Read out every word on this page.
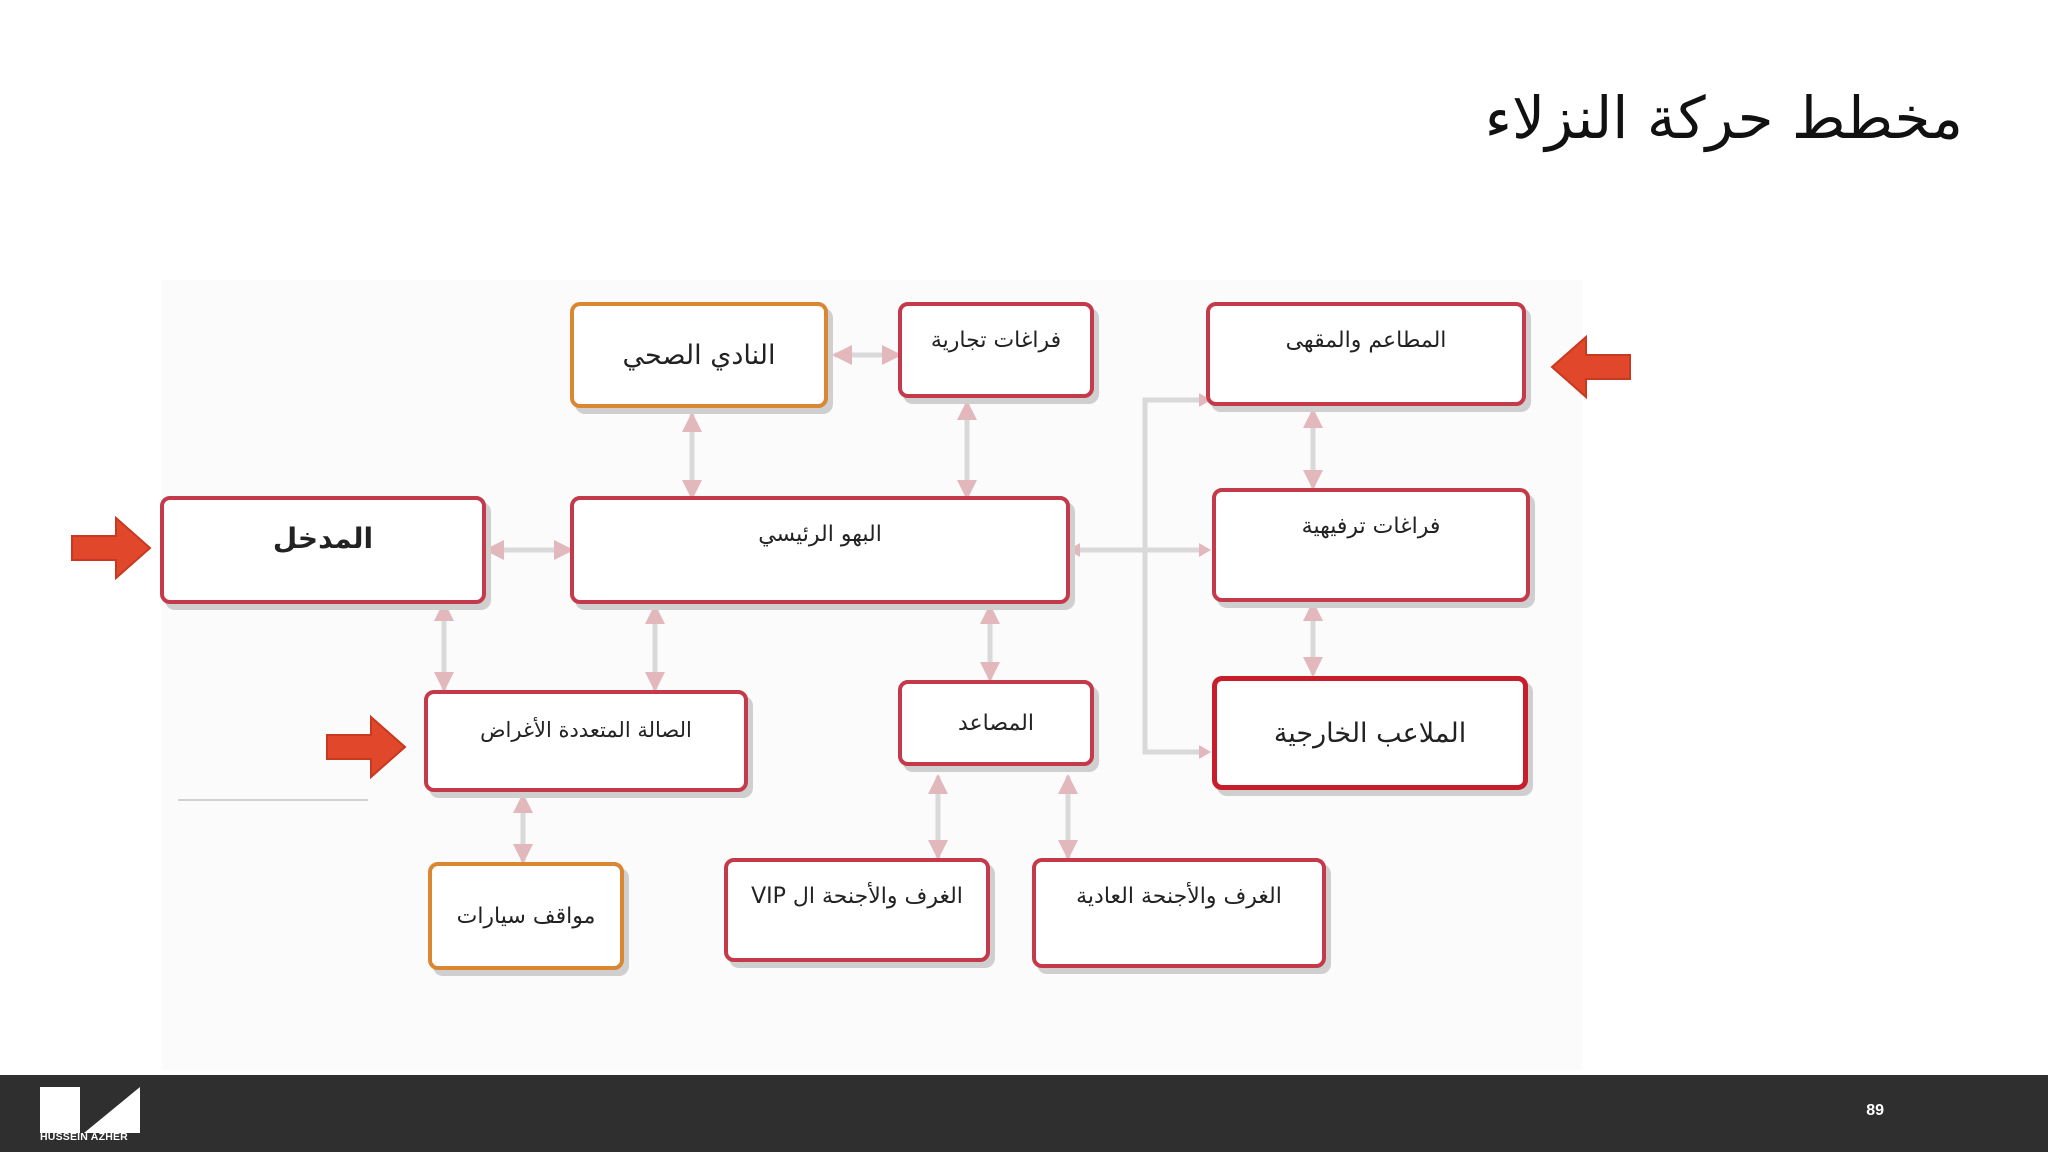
مخطط حركة النزلاء
النادي الصحي	فراغات تجارية	المطاعم والمقهى
المدخل	البهو الرئيسي	فراغات ترفيهية
الصالة المتعددة الأغراض	المصاعد	الملاعب الخارجية
مواقف سيارات
الغرف والأجنحة ال VIP	الغرف والأجنحة العادية
HUSSEIN AZHER
89
